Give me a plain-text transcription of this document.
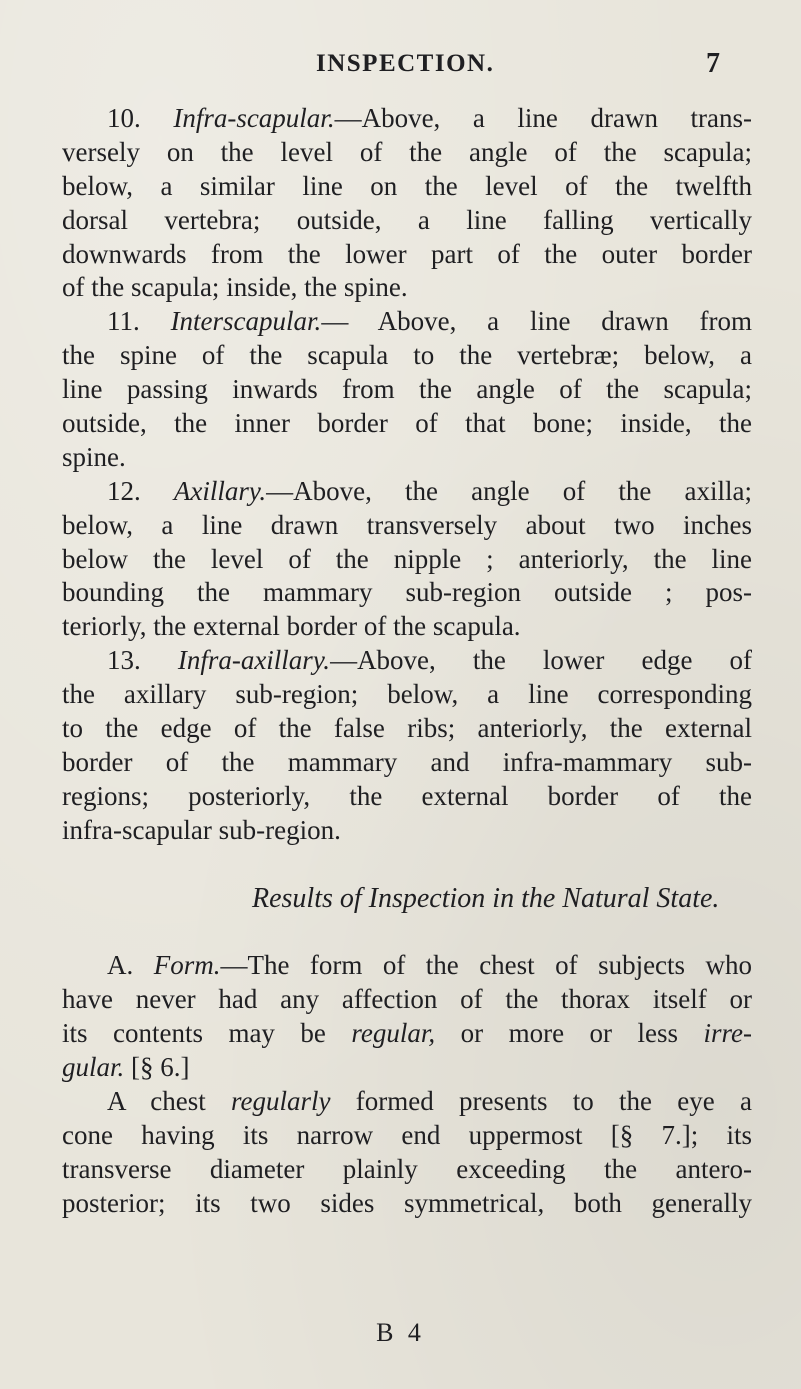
INSPECTION.	7
10. Infra-scapular.—Above, a line drawn trans-
versely on the level of the angle of the scapula;
below, a similar line on the level of the twelfth
dorsal vertebra; outside, a line falling vertically
downwards from the lower part of the outer border
of the scapula; inside, the spine.
11. Interscapular.— Above, a line drawn from
the spine of the scapula to the vertebræ; below, a
line passing inwards from the angle of the scapula;
outside, the inner border of that bone; inside, the
spine.
12. Axillary.—Above, the angle of the axilla;
below, a line drawn transversely about two inches
below the level of the nipple ; anteriorly, the line
bounding the mammary sub-region outside ; pos-
teriorly, the external border of the scapula.
13. Infra-axillary.—Above, the lower edge of
the axillary sub-region; below, a line corresponding
to the edge of the false ribs; anteriorly, the external
border of the mammary and infra-mammary sub-
regions; posteriorly, the external border of the
infra-scapular sub-region.
Results of Inspection in the Natural State.
A. Form.—The form of the chest of subjects who
have never had any affection of the thorax itself or
its contents may be regular, or more or less irre-
gular. [§ 6.]
A chest regularly formed presents to the eye a
cone having its narrow end uppermost [§ 7.]; its
transverse diameter plainly exceeding the antero-
posterior; its two sides symmetrical, both generally
B 4
